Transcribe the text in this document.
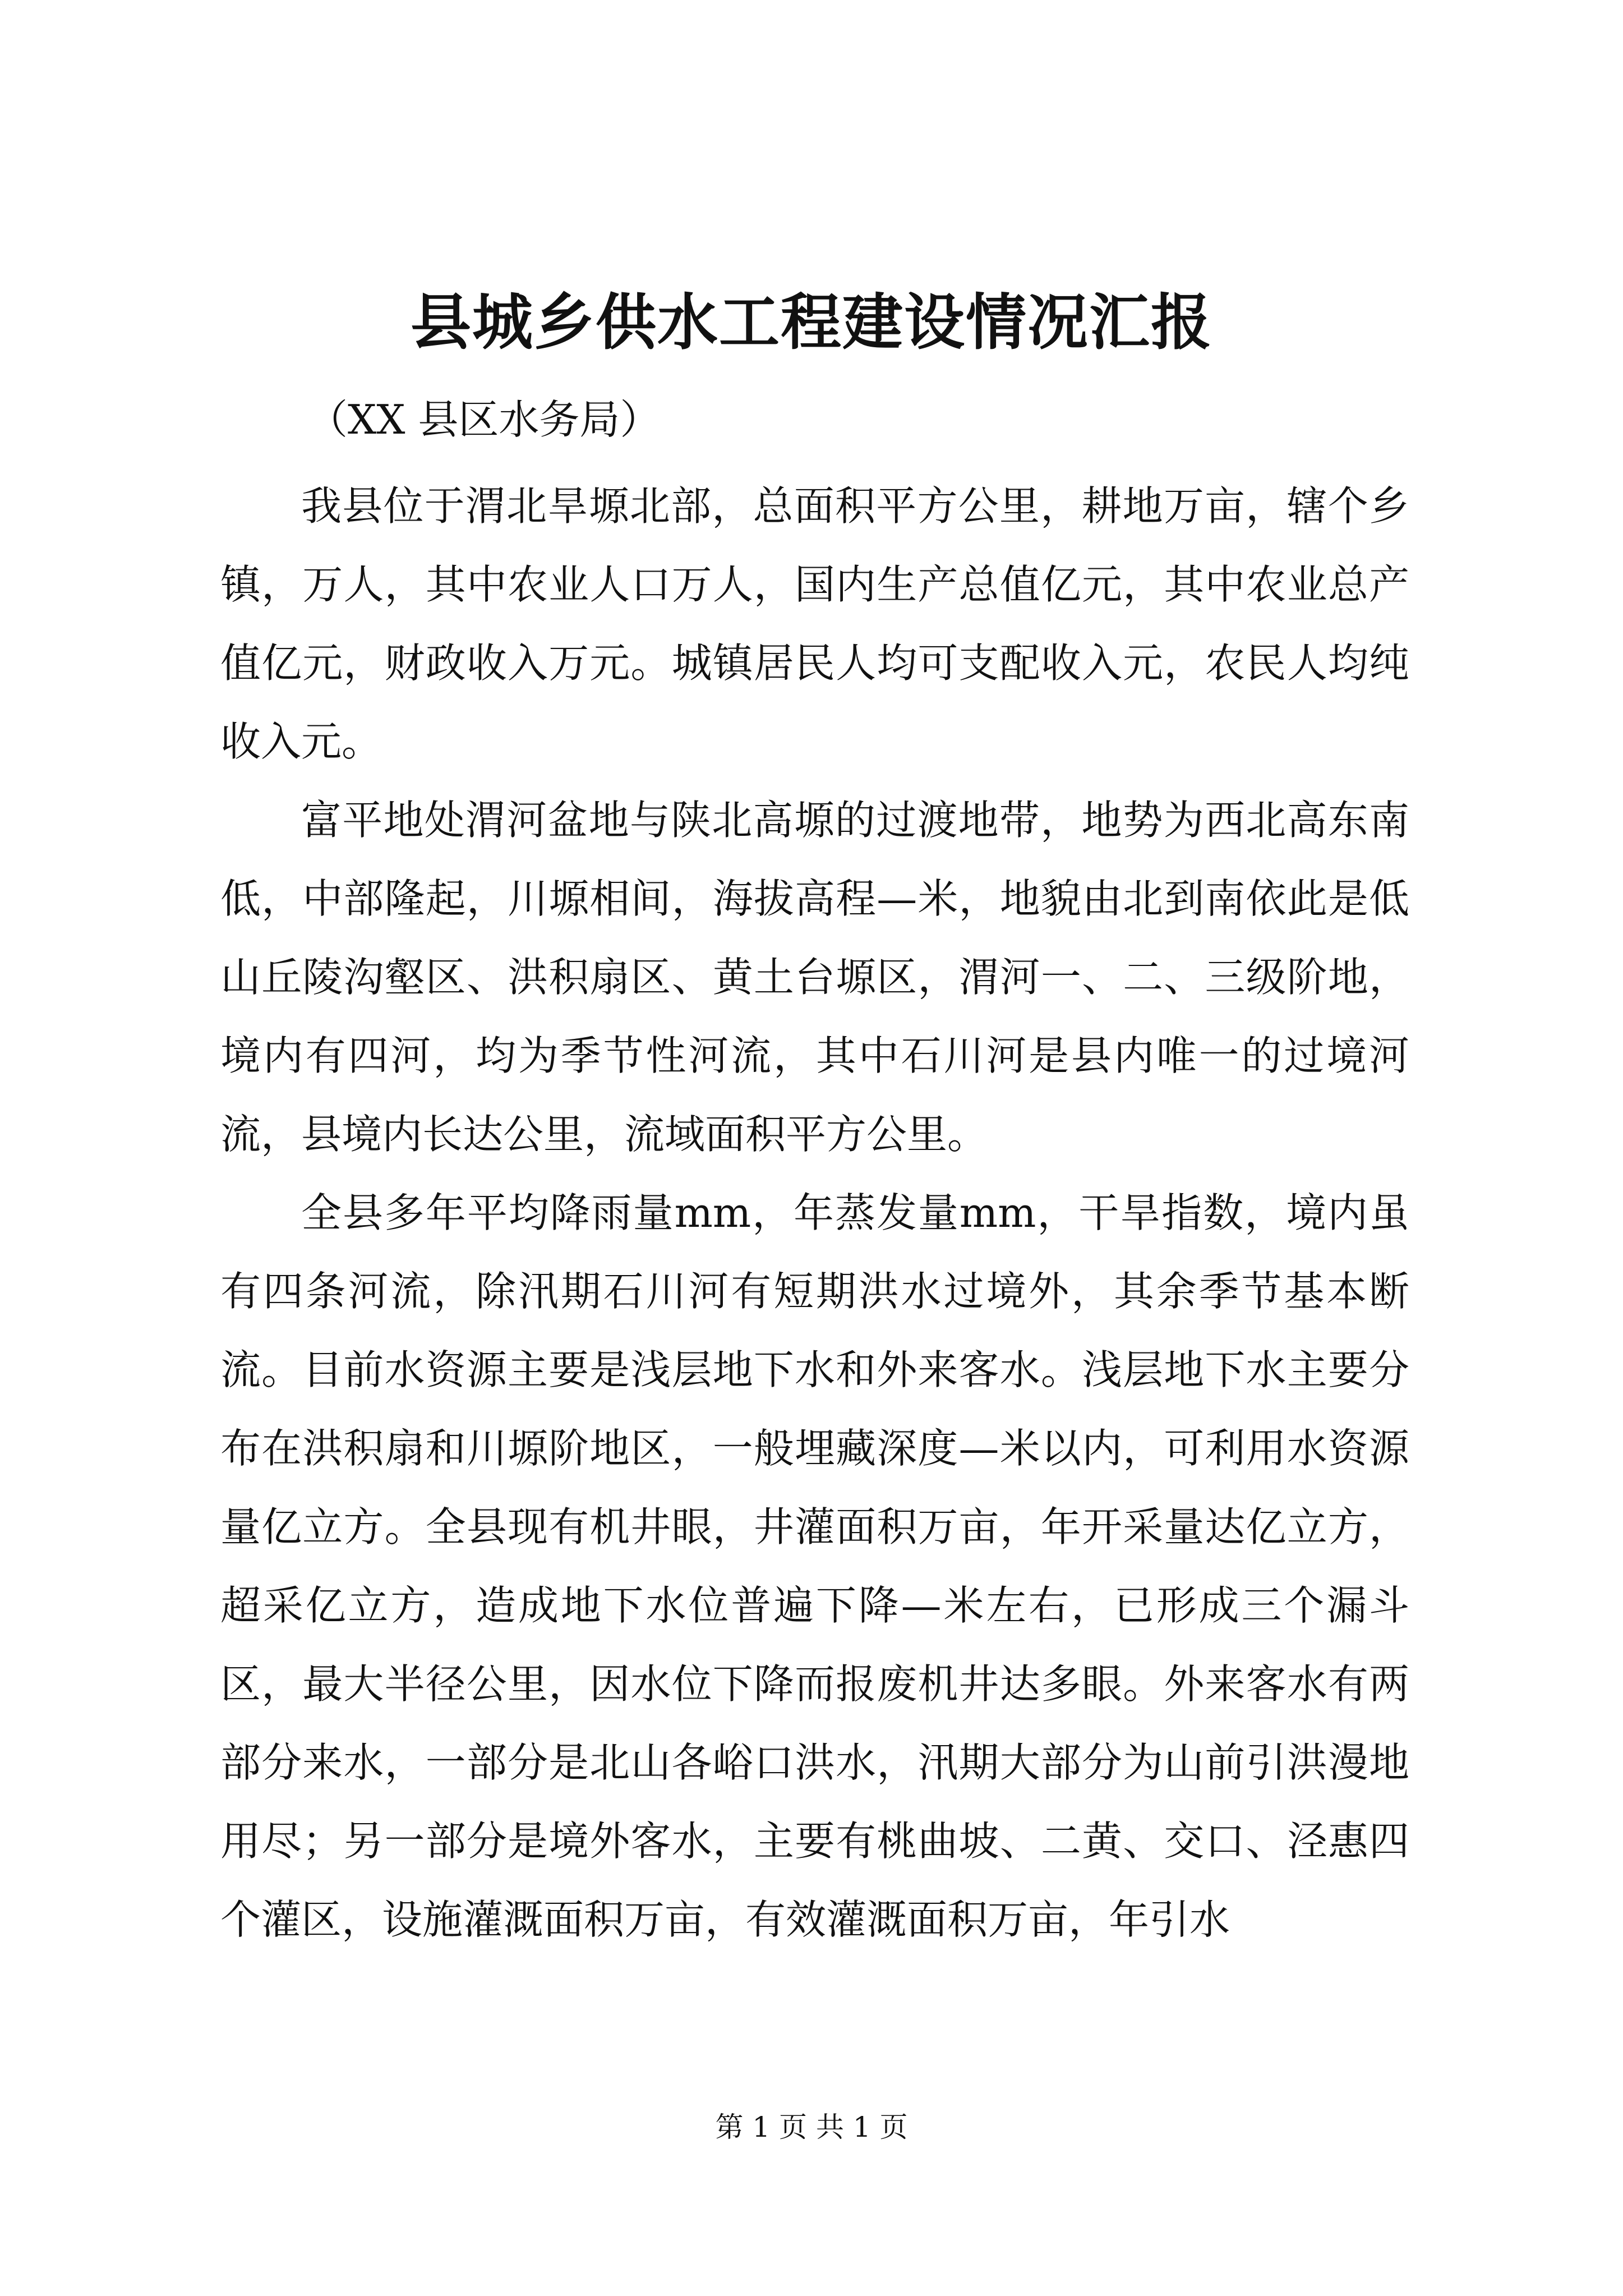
县城乡供水工程建设情况汇报
（XX 县区水务局）

我县位于渭北旱塬北部，总面积平方公里，耕地万亩，辖个乡镇，万人，其中农业人口万人，国内生产总值亿元，其中农业总产值亿元，财政收入万元。城镇居民人均可支配收入元，农民人均纯收入元。

富平地处渭河盆地与陕北高塬的过渡地带，地势为西北高东南低，中部隆起，川塬相间，海拔高程—米，地貌由北到南依此是低山丘陵沟壑区、洪积扇区、黄土台塬区，渭河一、二、三级阶地，境内有四河，均为季节性河流，其中石川河是县内唯一的过境河流，县境内长达公里，流域面积平方公里。

全县多年平均降雨量mm，年蒸发量mm，干旱指数，境内虽有四条河流，除汛期石川河有短期洪水过境外，其余季节基本断流。目前水资源主要是浅层地下水和外来客水。浅层地下水主要分布在洪积扇和川塬阶地区，一般埋藏深度—米以内，可利用水资源量亿立方。全县现有机井眼，井灌面积万亩，年开采量达亿立方，超采亿立方，造成地下水位普遍下降—米左右，已形成三个漏斗区，最大半径公里，因水位下降而报废机井达多眼。外来客水有两部分来水，一部分是北山各峪口洪水，汛期大部分为山前引洪漫地用尽；另一部分是境外客水，主要有桃曲坡、二黄、交口、泾惠四个灌区，设施灌溉面积万亩，有效灌溉面积万亩，年引水

第 1 页 共 1 页
